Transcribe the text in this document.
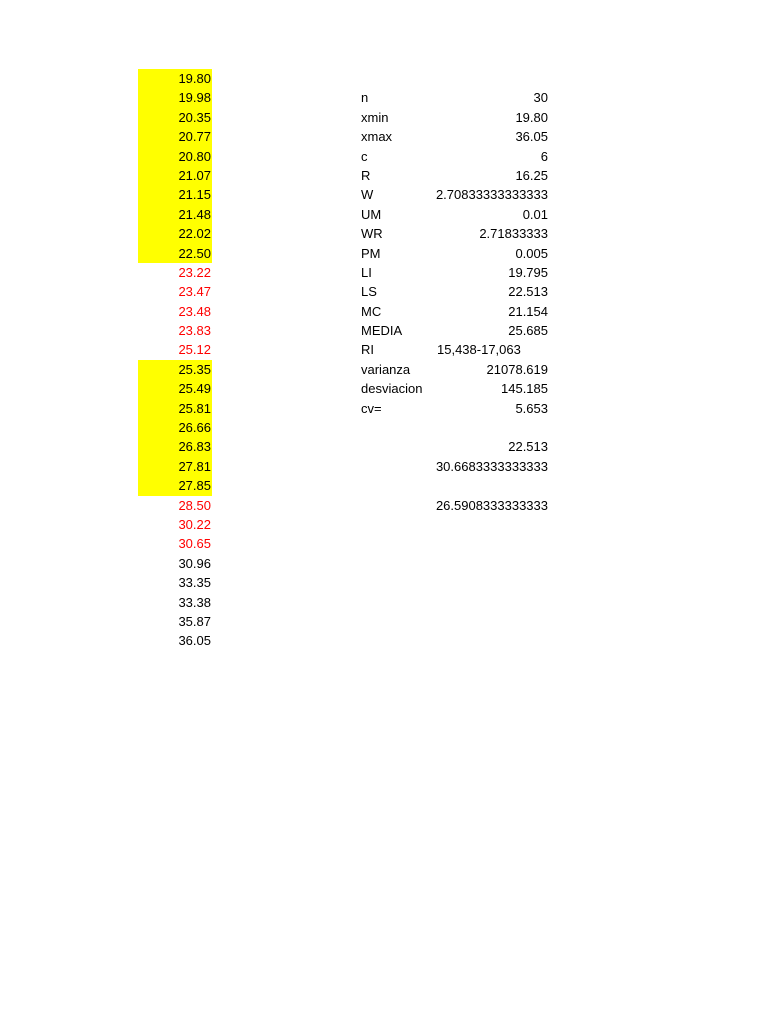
19.80
19.98
20.35
20.77
20.80
21.07
21.15
21.48
22.02
22.50
23.22
23.47
23.48
23.83
25.12
25.35
25.49
25.81
26.66
26.83
27.81
27.85
28.50
30.22
30.65
30.96
33.35
33.38
35.87
36.05
n
xmin
xmax
c
R
W
UM
WR
PM
LI
LS
MC
MEDIA
RI
varianza
desviacion
cv=
30
19.80
36.05
6
16.25
2.70833333333333
0.01
2.71833333
0.005
19.795
22.513
21.154
25.685
15,438-17,063
21078.619
145.185
5.653
22.513
30.6683333333333
26.5908333333333
